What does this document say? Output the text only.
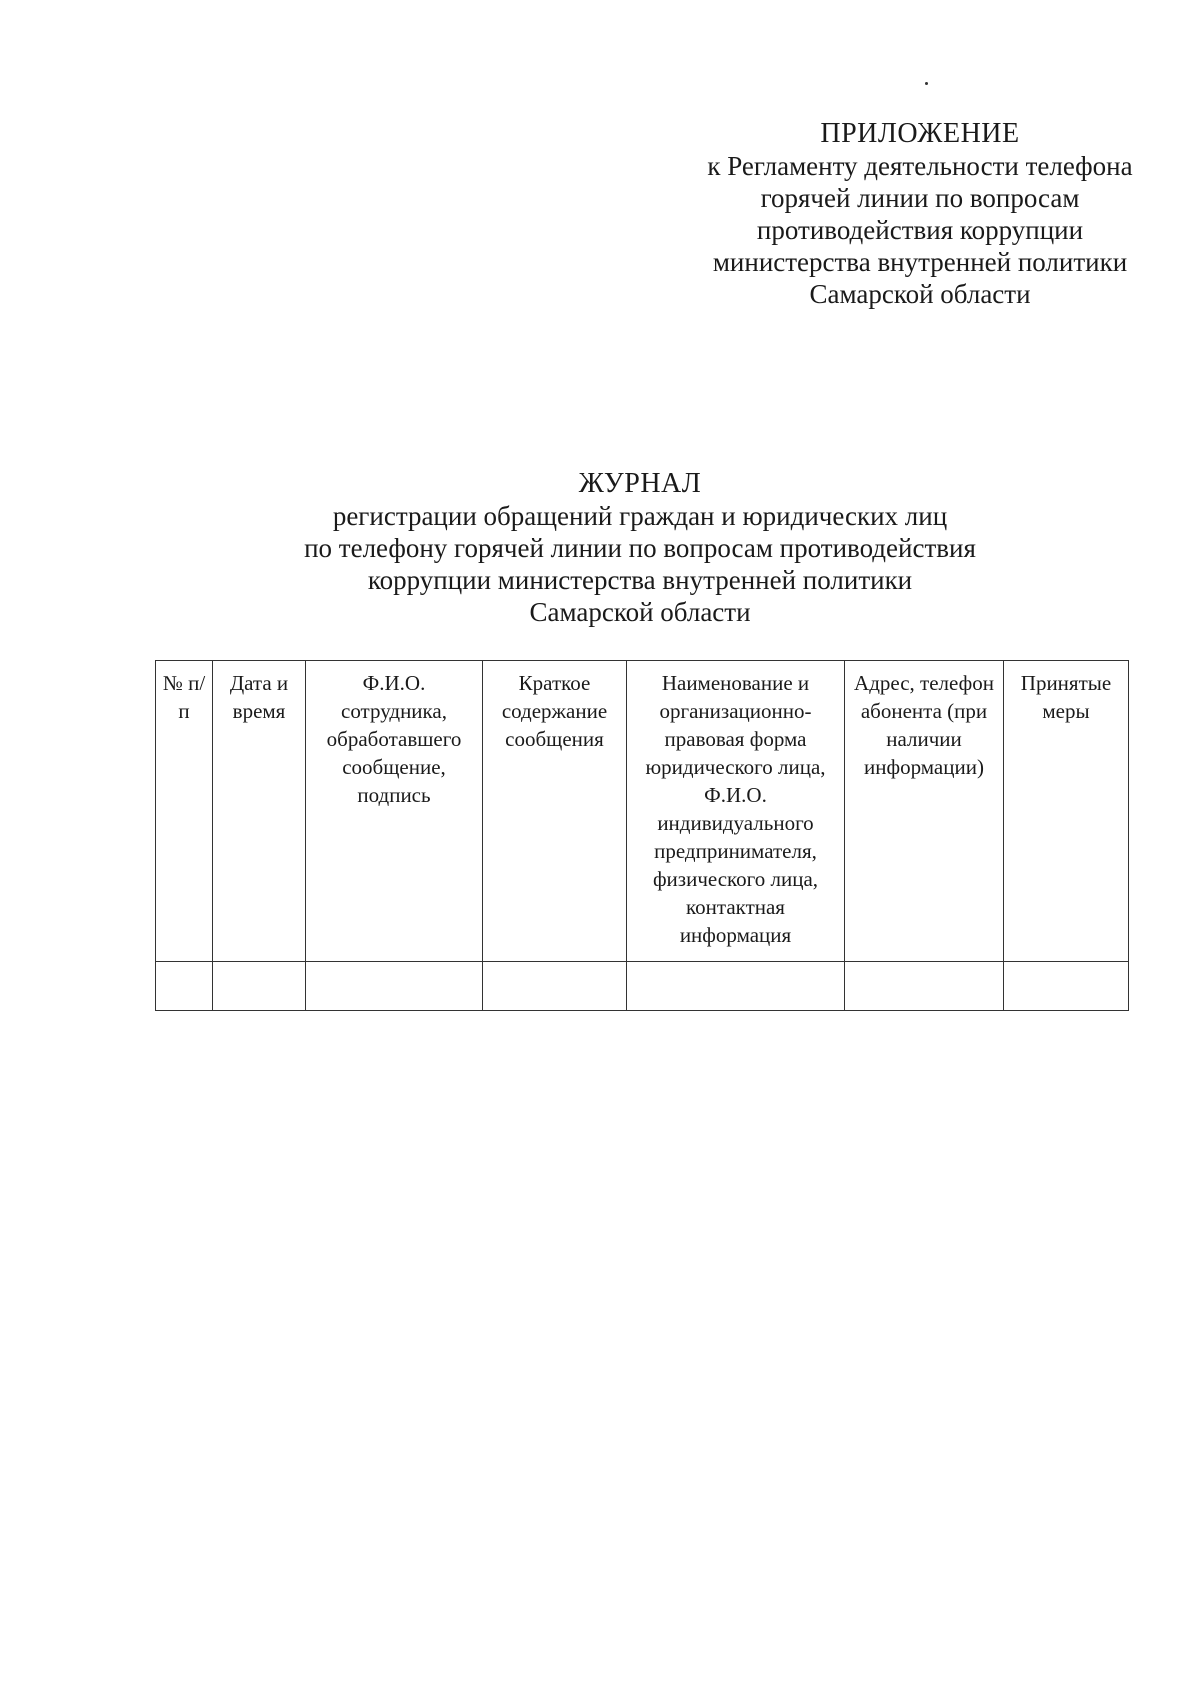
ПРИЛОЖЕНИЕ
к Регламенту деятельности телефона
горячей линии по вопросам
противодействия коррупции
министерства внутренней политики
Самарской области
ЖУРНАЛ
регистрации обращений граждан и юридических лиц
по телефону горячей линии по вопросам противодействия
коррупции министерства внутренней политики
Самарской области
№ п/п	Дата и время	Ф.И.О. сотрудника, обработавшего сообщение, подпись	Краткое содержание сообщения	Наименование и организационно-правовая форма юридического лица, Ф.И.О. индивидуального предпринимателя, физического лица, контактная информация	Адрес, телефон абонента (при наличии информации)	Принятые меры
